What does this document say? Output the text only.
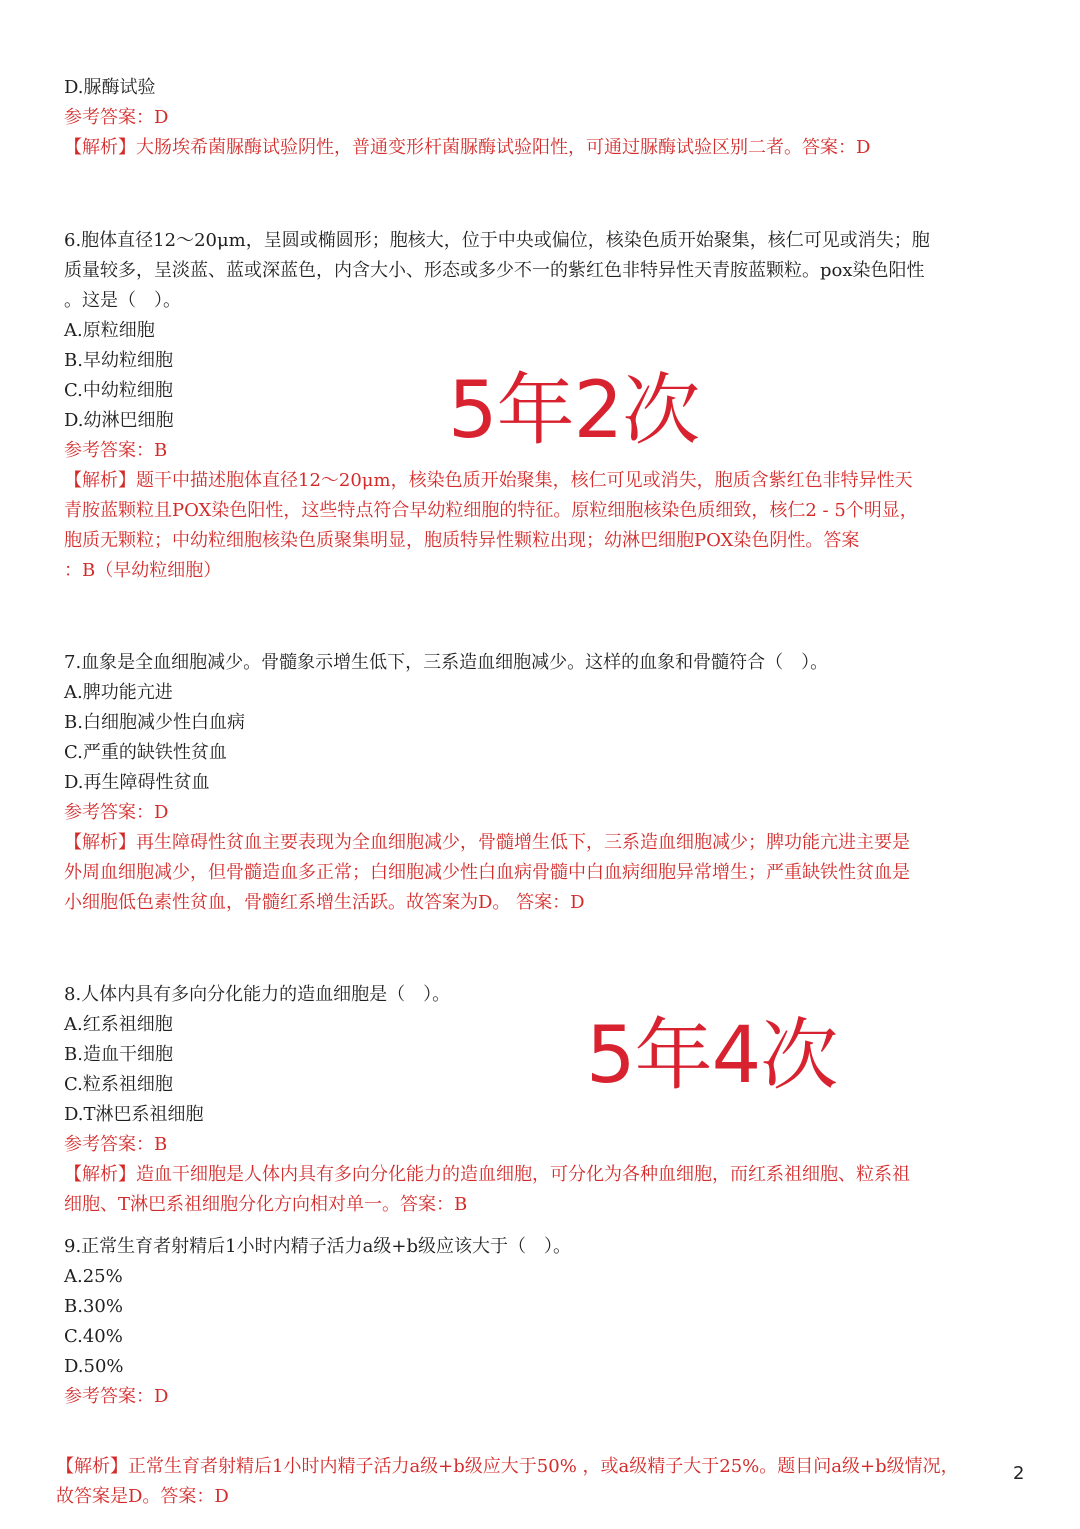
D.脲酶试验
参考答案：D
【解析】大肠埃希菌脲酶试验阴性，普通变形杆菌脲酶试验阳性，可通过脲酶试验区别二者。答案：D
6.胞体直径12～20μm，呈圆或椭圆形；胞核大，位于中央或偏位，核染色质开始聚集，核仁可见或消失；胞
质量较多，呈淡蓝、蓝或深蓝色，内含大小、形态或多少不一的紫红色非特异性天青胺蓝颗粒。pox染色阳性
。这是（　）。
A.原粒细胞
B.早幼粒细胞
C.中幼粒细胞
D.幼淋巴细胞
参考答案：B
【解析】题干中描述胞体直径12～20μm，核染色质开始聚集，核仁可见或消失，胞质含紫红色非特异性天
青胺蓝颗粒且POX染色阳性，这些特点符合早幼粒细胞的特征。原粒细胞核染色质细致，核仁2 - 5个明显，
胞质无颗粒；中幼粒细胞核染色质聚集明显，胞质特异性颗粒出现；幼淋巴细胞POX染色阴性。答案
：B（早幼粒细胞）
5年2次
7.血象是全血细胞减少。骨髓象示增生低下，三系造血细胞减少。这样的血象和骨髓符合（　）。
A.脾功能亢进
B.白细胞减少性白血病
C.严重的缺铁性贫血
D.再生障碍性贫血
参考答案：D
【解析】再生障碍性贫血主要表现为全血细胞减少，骨髓增生低下，三系造血细胞减少；脾功能亢进主要是
外周血细胞减少，但骨髓造血多正常；白细胞减少性白血病骨髓中白血病细胞异常增生；严重缺铁性贫血是
小细胞低色素性贫血，骨髓红系增生活跃。故答案为D。 答案：D
8.人体内具有多向分化能力的造血细胞是（　）。
A.红系祖细胞
B.造血干细胞
C.粒系祖细胞
D.T淋巴系祖细胞
参考答案：B
【解析】造血干细胞是人体内具有多向分化能力的造血细胞，可分化为各种血细胞，而红系祖细胞、粒系祖
细胞、T淋巴系祖细胞分化方向相对单一。答案：B
5年4次
9.正常生育者射精后1小时内精子活力a级+b级应该大于（　）。
A.25%
B.30%
C.40%
D.50%
参考答案：D
【解析】正常生育者射精后1小时内精子活力a级+b级应大于50% ，或a级精子大于25%。题目问a级+b级情况，
故答案是D。答案：D
2
